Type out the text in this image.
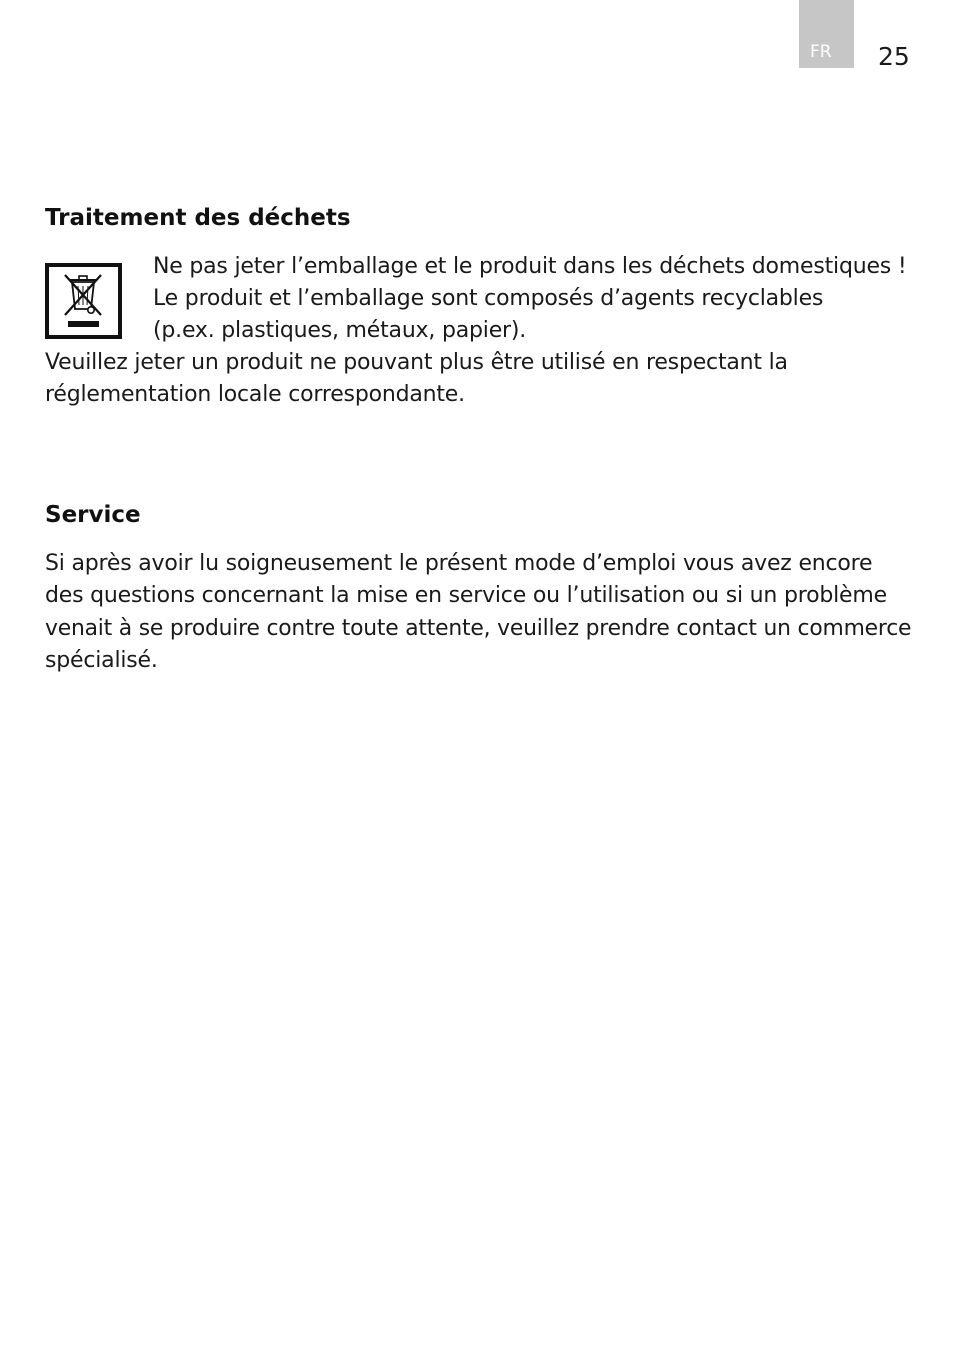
FR	25
Traitement des déchets

Ne pas jeter l’emballage et le produit dans les déchets domestiques !

Le produit et l’emballage sont composés d’agents recyclables

(p.ex. plastiques, métaux, papier).

Veuillez jeter un produit ne pouvant plus être utilisé en respectant la

réglementation locale correspondante.

Service

Si après avoir lu soigneusement le présent mode d’emploi vous avez encore

des questions concernant la mise en service ou l’utilisation ou si un problème

venait à se produire contre toute attente, veuillez prendre contact un commerce

spécialisé.
